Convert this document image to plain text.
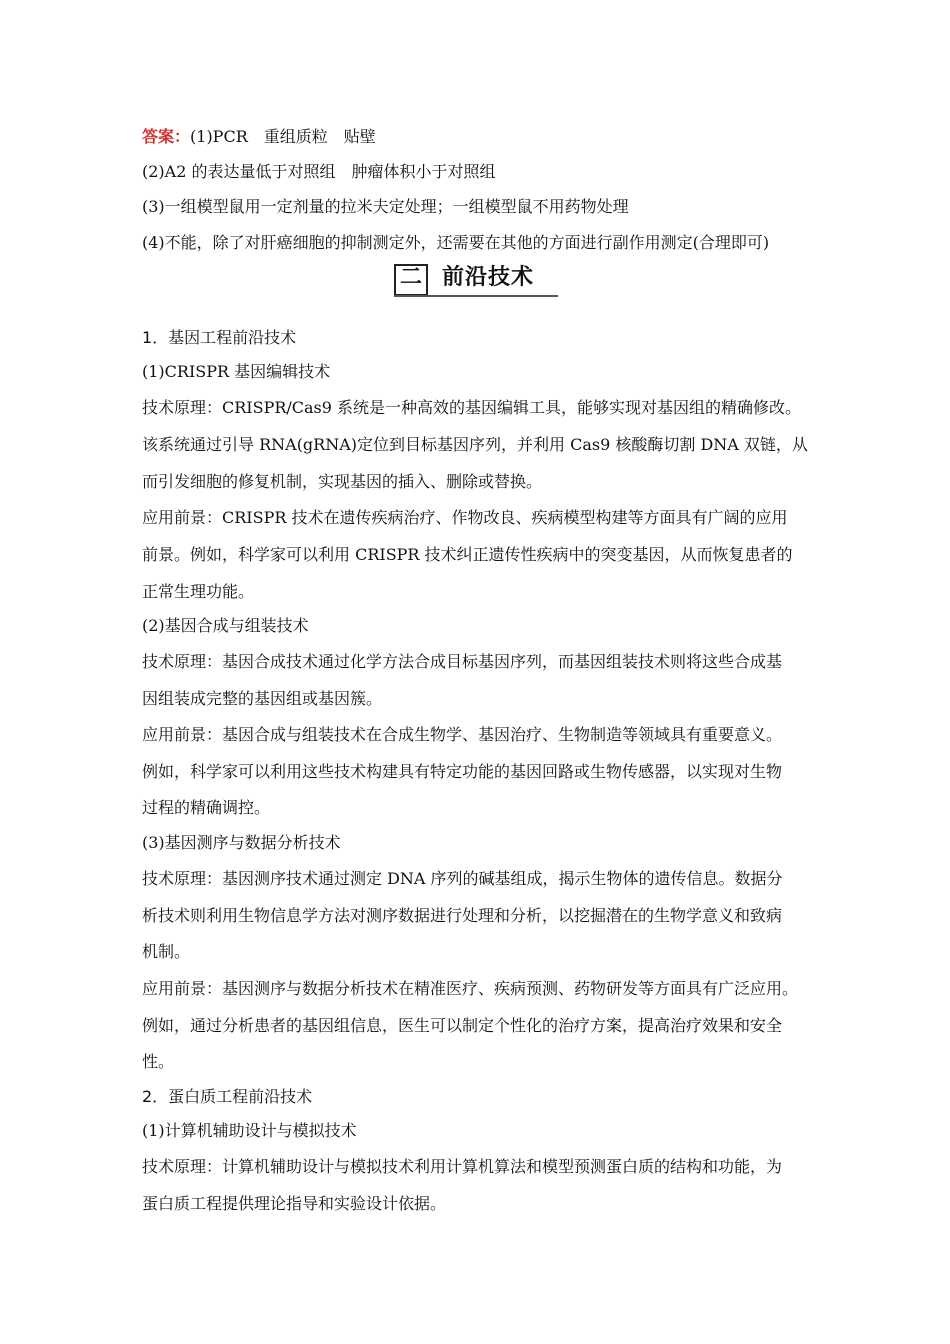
答案：(1)PCR 重组质粒 贴壁
(2)A2 的表达量低于对照组 肿瘤体积小于对照组
(3)一组模型鼠用一定剂量的拉米夫定处理；一组模型鼠不用药物处理
(4)不能，除了对肝癌细胞的抑制测定外，还需要在其他的方面进行副作用测定(合理即可)
二 前沿技术
1．基因工程前沿技术
(1)CRISPR 基因编辑技术
技术原理：CRISPR/Cas9 系统是一种高效的基因编辑工具，能够实现对基因组的精确修改。
该系统通过引导 RNA(gRNA)定位到目标基因序列，并利用 Cas9 核酸酶切割 DNA 双链，从
而引发细胞的修复机制，实现基因的插入、删除或替换。
应用前景：CRISPR 技术在遗传疾病治疗、作物改良、疾病模型构建等方面具有广阔的应用
前景。例如，科学家可以利用 CRISPR 技术纠正遗传性疾病中的突变基因，从而恢复患者的
正常生理功能。
(2)基因合成与组装技术
技术原理：基因合成技术通过化学方法合成目标基因序列，而基因组装技术则将这些合成基
因组装成完整的基因组或基因簇。
应用前景：基因合成与组装技术在合成生物学、基因治疗、生物制造等领域具有重要意义。
例如，科学家可以利用这些技术构建具有特定功能的基因回路或生物传感器，以实现对生物
过程的精确调控。
(3)基因测序与数据分析技术
技术原理：基因测序技术通过测定 DNA 序列的碱基组成，揭示生物体的遗传信息。数据分
析技术则利用生物信息学方法对测序数据进行处理和分析，以挖掘潜在的生物学意义和致病
机制。
应用前景：基因测序与数据分析技术在精准医疗、疾病预测、药物研发等方面具有广泛应用。
例如，通过分析患者的基因组信息，医生可以制定个性化的治疗方案，提高治疗效果和安全
性。
2．蛋白质工程前沿技术
(1)计算机辅助设计与模拟技术
技术原理：计算机辅助设计与模拟技术利用计算机算法和模型预测蛋白质的结构和功能，为
蛋白质工程提供理论指导和实验设计依据。
